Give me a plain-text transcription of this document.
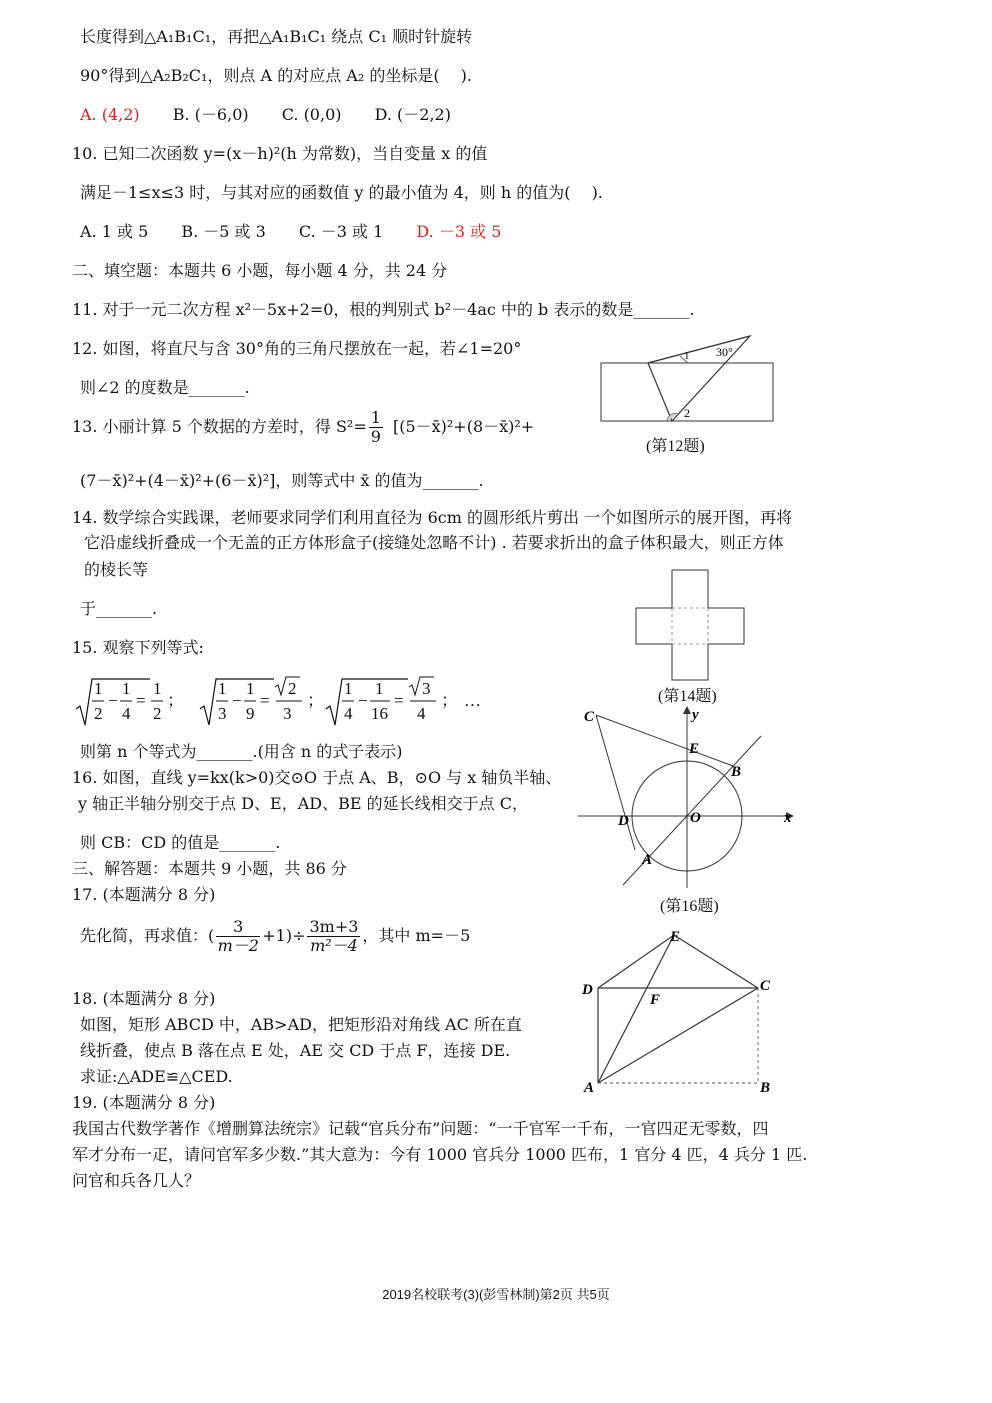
长度得到△A₁B₁C₁，再把△A₁B₁C₁ 绕点 C₁ 顺时针旋转
90°得到△A₂B₂C₁，则点 A 的对应点 A₂ 的坐标是(　 ).
A. (4,2) B. (－6,0) C. (0,0) D. (－2,2)
10. 已知二次函数 y=(x－h)²(h 为常数)，当自变量 x 的值
满足－1≤x≤3 时，与其对应的函数值 y 的最小值为 4，则 h 的值为(　 ).
A. 1 或 5 B. －5 或 3 C. －3 或 1 D. －3 或 5
二、填空题：本题共 6 小题，每小题 4 分，共 24 分
11. 对于一元二次方程 x²－5x+2=0，根的判别式 b²－4ac 中的 b 表示的数是_______.
12. 如图，将直尺与含 30°角的三角尺摆放在一起，若∠1=20°
则∠2 的度数是_______.
13. 小丽计算 5 个数据的方差时，得 $S^2= \frac{1}{9}$ [(5－x̄)²+(8－x̄)²+
(7－x̄)²+(4－x̄)²+(6－x̄)²]，则等式中 x̄ 的值为_______.
14. 数学综合实践课，老师要求同学们利用直径为 6cm 的圆形纸片剪出 一个如图所示的展开图，再将
它沿虚线折叠成一个无盖的正方体形盒子(接缝处忽略不计) . 若要求折出的盒子体积最大，则正方体
的棱长等
于_______.
15. 观察下列等式:
1
2
−
1
4
=
1
2
；
1
3
−
1
9
=
2
3
；
1
4
−
1
16
=
3
4
； …
则第 n 个等式为_______.(用含 n 的式子表示)
16. 如图，直线 y=kx(k>0)交⊙O 于点 A、B，⊙O 与 x 轴负半轴、
y 轴正半轴分别交于点 D、E，AD、BE 的延长线相交于点 C，
则 CB：CD 的值是_______.
三、解答题：本题共 9 小题，共 86 分
17. (本题满分 8 分)
先化简，再求值：( $\frac{3}{m-2} +1)\div \frac{3m+3}{\text{m²－4}}$ ，其中 m=－5
18. (本题满分 8 分)
如图，矩形 ABCD 中，AB>AD，把矩形沿对角线 AC 所在直
线折叠，使点 B 落在点 E 处，AE 交 CD 于点 F，连接 DE.
求证:△ADE≌△CED.
19. (本题满分 8 分)
我国古代数学著作《增删算法统宗》记载“官兵分布”问题：“一千官军一千布，一官四疋无零数，四
军才分布一疋，请问官军多少数.”其大意为：今有 1000 官兵分 1000 匹布，1 官分 4 匹，4 兵分 1 匹.
问官和兵各几人？
30°
1
2
(第12题)
(第14题)
C	y
E
B
D	O	x
A
(第16题)
E
D	C
F
A	B
2019名校联考(3)(彭雪林制)第2页 共5页
